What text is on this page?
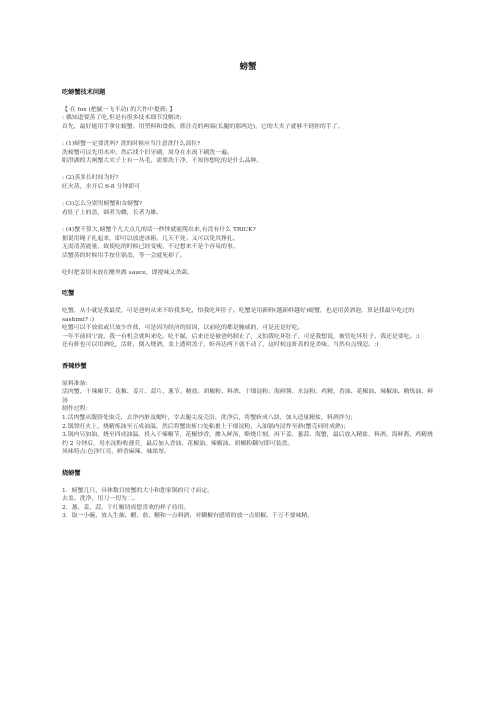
螃蟹

吃螃蟹技术问题

【 在 fox (把腻一飞不动) 的大作中提到: 】

: 偶知道要蒸了吃,但是有很多技术细节没解决:

首先，最好能用手拿住螃蟹。用塑料和食指，抓住壳的两端(长腿的那两边)，它的大夹子就够不到你的手了。

: (1)螃蟹一定要洗吗? 洗的时候应当注意洗什么部位?

洗螃蟹可以先用水冲，然后找个旧牙刷，周身在水流下刷洗一遍。

阳澄湖的大闸蟹大夹子上有一丛毛，需要洗干净，不知你想吃的是什么品种。

: (2)蒸多长时间为好?

旺火蒸，水开后 6-8 分钟即可

: (3)怎么分别男螃蟹和女螃蟹?

看肚子上的盖，圆者为雌，长者为雄。

: (4)蟹不算大,螃蟹个儿大点儿的话一秒钟就能爬出来,有没有什么 TRICK?

据说用绳子扎起来，即可以放进冰箱，几天不死；又可以免其挣扎。

无需清蒸能量，致使吃的时候已经变瘦，不过想来不是个容易的事。

活蟹蒸的时候用手按住锅盖，等一会就死掉了。

吃时把姜切末放在醋里做 sauce，即提味又杀菌。

吃蟹

吃蟹，从小就是我最爱，可是爸妈从来不给我多吃，怕我吃坏肚子。吃蟹是用新鲜(越新鲜越好)螃蟹，也是用黄酒泡，算是我最早吃过的 sashimi? :)

吃蟹可以不放盐或只放少许盐，可是因为经济的原因，以前吃的都是腌咸的，可是还是好吃。

一年半前回宁波，我一有机会就叫来吃。吃不腻，后来还是被爸妈制止了，又怕我吃坏肚子，可是我想说，被管吃坏肚子，我还是要吃。:)

还有虾也可以用酒吃，活虾，倒入烧酒，盖上透明盖子，虾奔达两下就不动了，这时候这虾真的是美味，当然有点残忍。:)

香辣炒蟹

原料准备:

活肉蟹、干辣椒节、花椒、姜片、蒜片、葱节、精盐、胡椒粉、料酒、干细淀粉、海鲜酱、水淀粉、鸡精、香油、花椒油、辣椒油、精炼油、鲜汤

制作过程:

1.活肉蟹从腹脐处取壳，去净内脏及鳃叶，宰去腿尖及壳沿，洗净后，将蟹斩成八块，加入适量精盐，料酒拌匀；

2.锅置旺火上，烧精炼油至五成油温，然后将蟹块斩口处粘裹上干细淀粉，入油锅内浸炸至熟(蟹壳同时成熟)；

3.锅内另加油，烧至四成油温，投入干辣椒节，花椒炒香，掺入鲜汤，略烧片刻，再下姜、葱蒜、海蟹，最后放入精盐、料酒、海鲜酱、鸡精烧约 2 分钟后，用水淀粉收薄芡，最后加入香油、花椒油、辣椒油、胡椒粉翻匀即可装盘。

风味特点:色泽红亮，鲜香麻辣、味浓厚。

烧螃蟹

1．螃蟹几只，具体数目按蟹的大小和您家锅的尺寸而定。

去盖、洗净，用刀一切为二。

2．葱、姜、蒜，干红椒切成您喜欢的样子待用。

3．取一小碗，放入生抽、醋、盐、糖和一点料酒，对糊椒有感情的放一点胡椒。千万不要味精。
